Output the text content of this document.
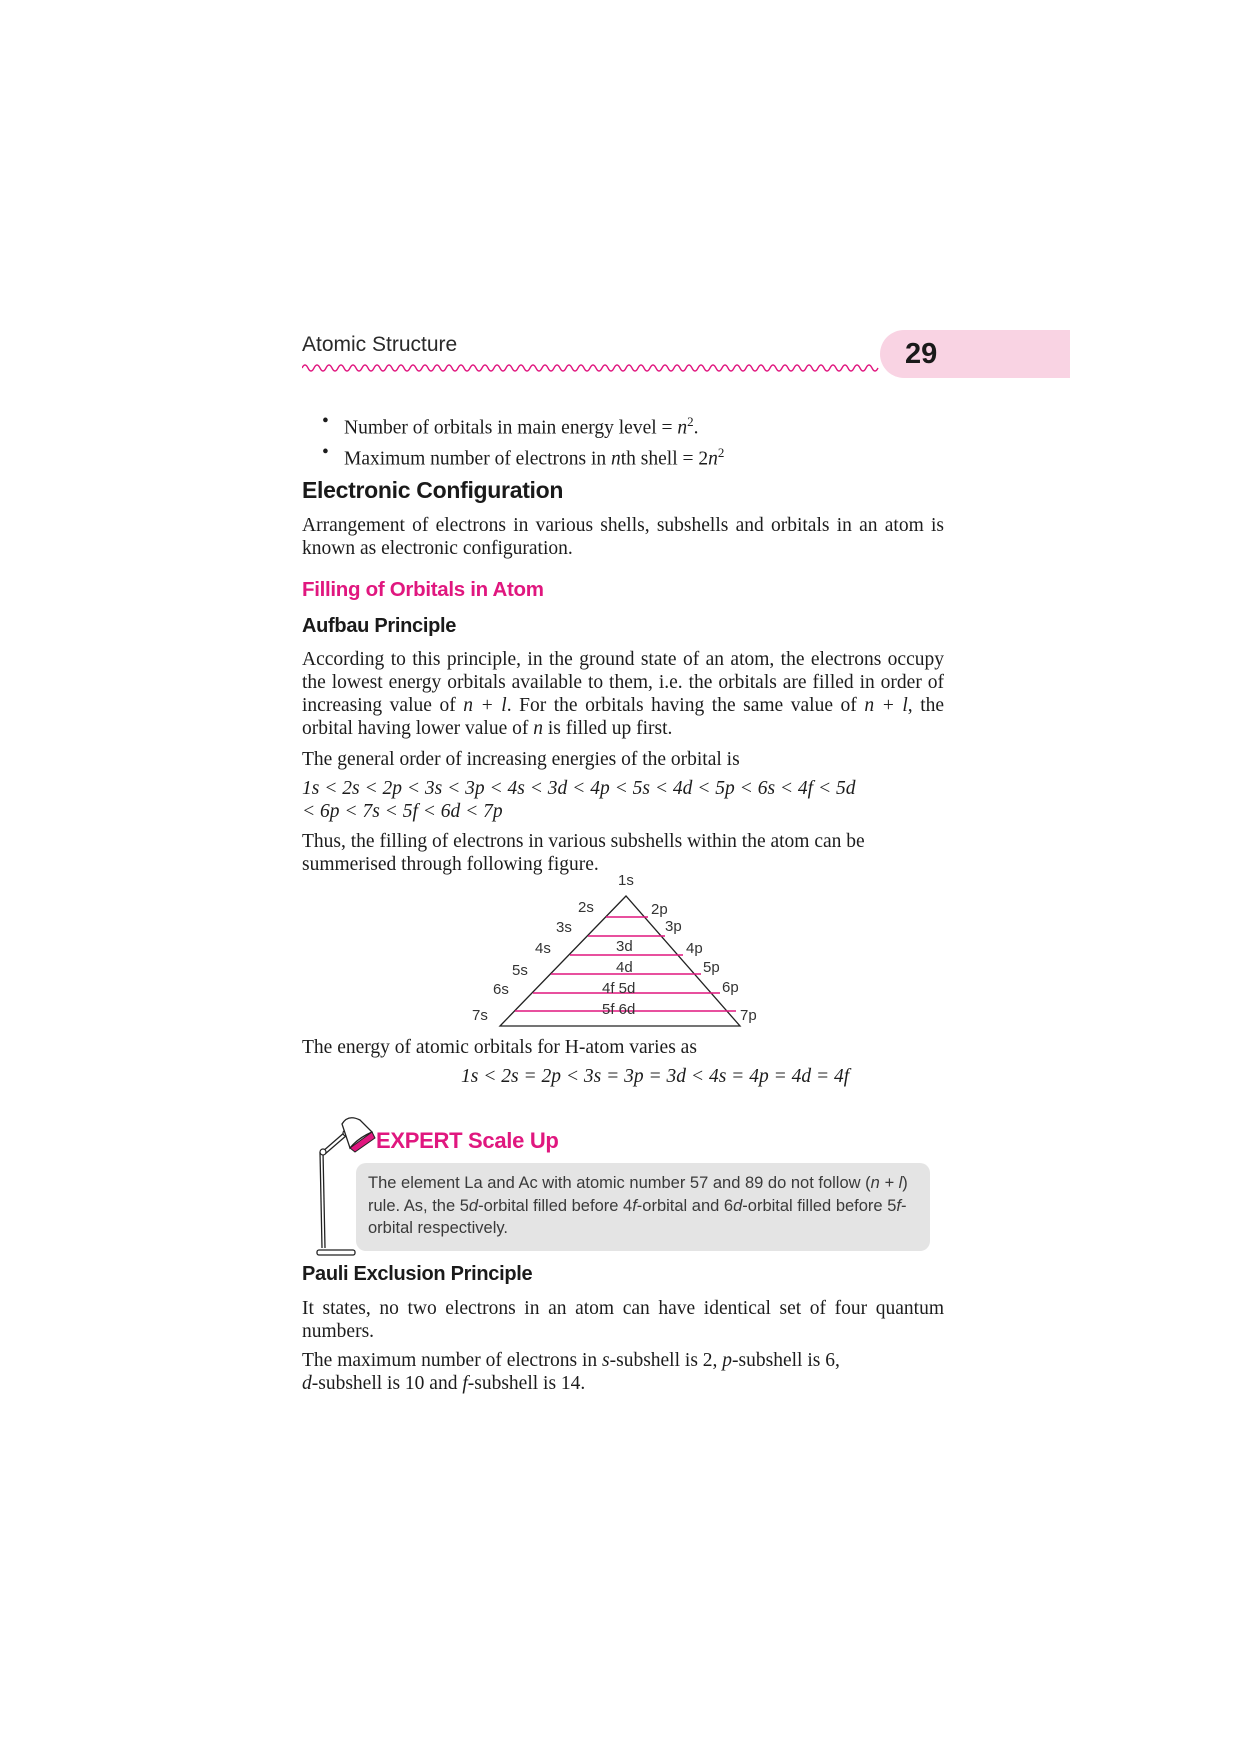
Atomic Structure	29
• Number of orbitals in main energy level = $n^2$.
• Maximum number of electrons in nth shell = $2n^2$
Electronic Configuration
Arrangement of electrons in various shells, subshells and orbitals in an atom is known as electronic configuration.
Filling of Orbitals in Atom
Aufbau Principle
According to this principle, in the ground state of an atom, the electrons occupy the lowest energy orbitals available to them, i.e. the orbitals are filled in order of increasing value of n + l. For the orbitals having the same value of n + l, the orbital having lower value of n is filled up first.
The general order of increasing energies of the orbital is
1s < 2s < 2p < 3s < 3p < 4s < 3d < 4p < 5s < 4d < 5p < 6s < 4f < 5d
< 6p < 7s < 5f < 6d < 7p
Thus, the filling of electrons in various subshells within the atom can be summerised through following figure.
1s
2s
3s
4s
5s
6s
7s
2p
3p
4p
5p
6p
7p
3d
4d
4f 5d
5f 6d
The energy of atomic orbitals for H-atom varies as
1s < 2s = 2p < 3s = 3p = 3d < 4s = 4p = 4d = 4f
EXPERT Scale Up
The element La and Ac with atomic number 57 and 89 do not follow (n + l) rule. As, the 5d-orbital filled before 4f-orbital and 6d-orbital filled before 5f-orbital respectively.
Pauli Exclusion Principle
It states, no two electrons in an atom can have identical set of four quantum numbers.
The maximum number of electrons in s-subshell is 2, p-subshell is 6,
d-subshell is 10 and f-subshell is 14.
